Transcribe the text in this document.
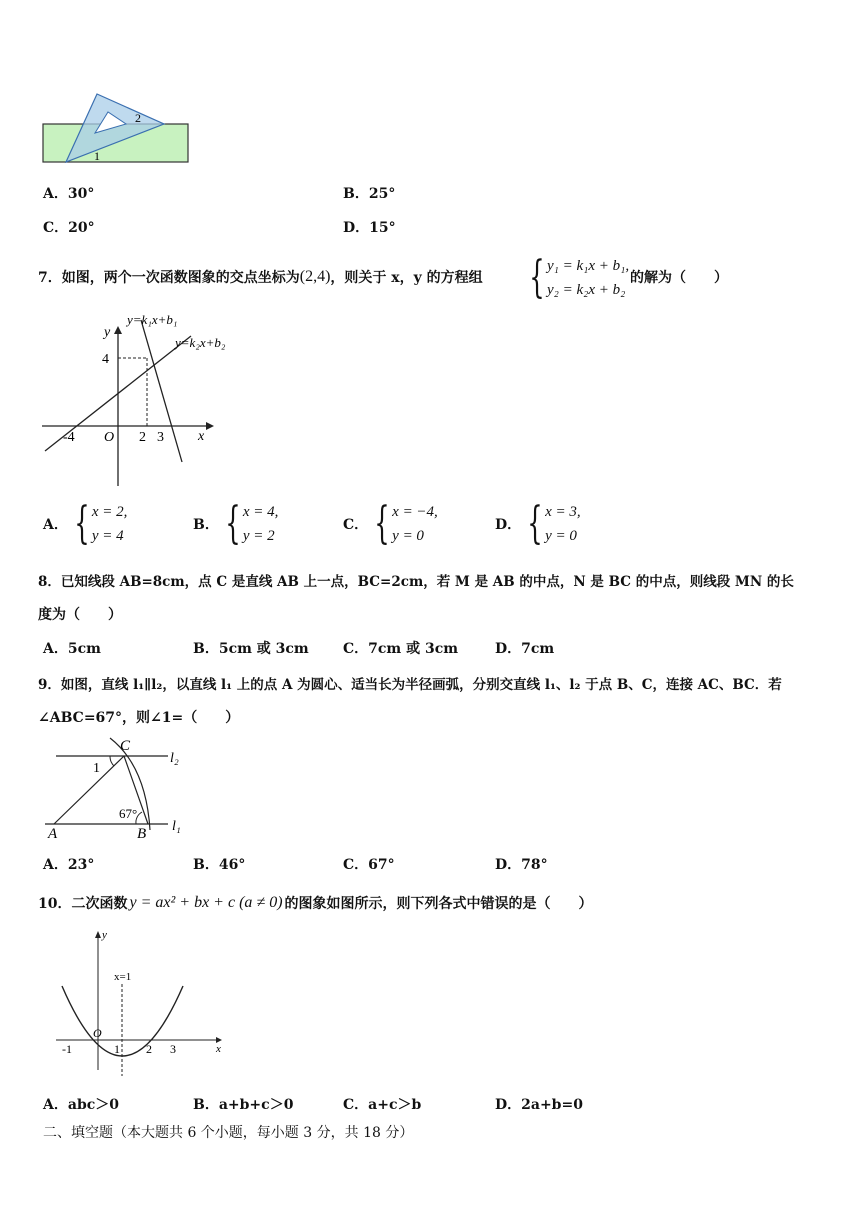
2
1
A．30°	B．25°
C．20°	D．15°
7．如图，两个一次函数图象的交点坐标为 (2,4) ，则关于 x，y 的方程组 { y₁ = k₁x + b₁,
y₂ = k₂x + b₂
的解为（　　）
y=k₁x+b₁
y=k₂x+b₂
y
x
O
4
-4	2 3
A． { x = 2,
y = 4
B． { x = 4,
y = 2
C． { x = −4,
y = 0
D． { x = 3,
y = 0
8．已知线段 AB=8cm，点 C 是直线 AB 上一点，BC=2cm，若 M 是 AB 的中点，N 是 BC 的中点，则线段 MN 的长
度为（　　）
A．5cm	B．5cm 或 3cm C．7cm 或 3cm	D．7cm
9．如图，直线 l₁∥l₂，以直线 l₁ 上的点 A 为圆心、适当长为半径画弧，分别交直线 l₁、l₂ 于点 B、C，连接 AC、BC．若
∠ABC=67°，则∠1=（　　）
C
l₂
l₁
A	B
1
67°
A．23°	B．46°	C．67°	D．78°
10．二次函数 y = ax² + bx + c (a ≠ 0) 的图象如图所示，则下列各式中错误的是（　　）
y
x
x=1
O
-1	1 2 3
A．abc＞0	B．a+b+c＞0	C．a+c＞b	D．2a+b=0
二、填空题（本大题共 6 个小题，每小题 3 分，共 18 分）
